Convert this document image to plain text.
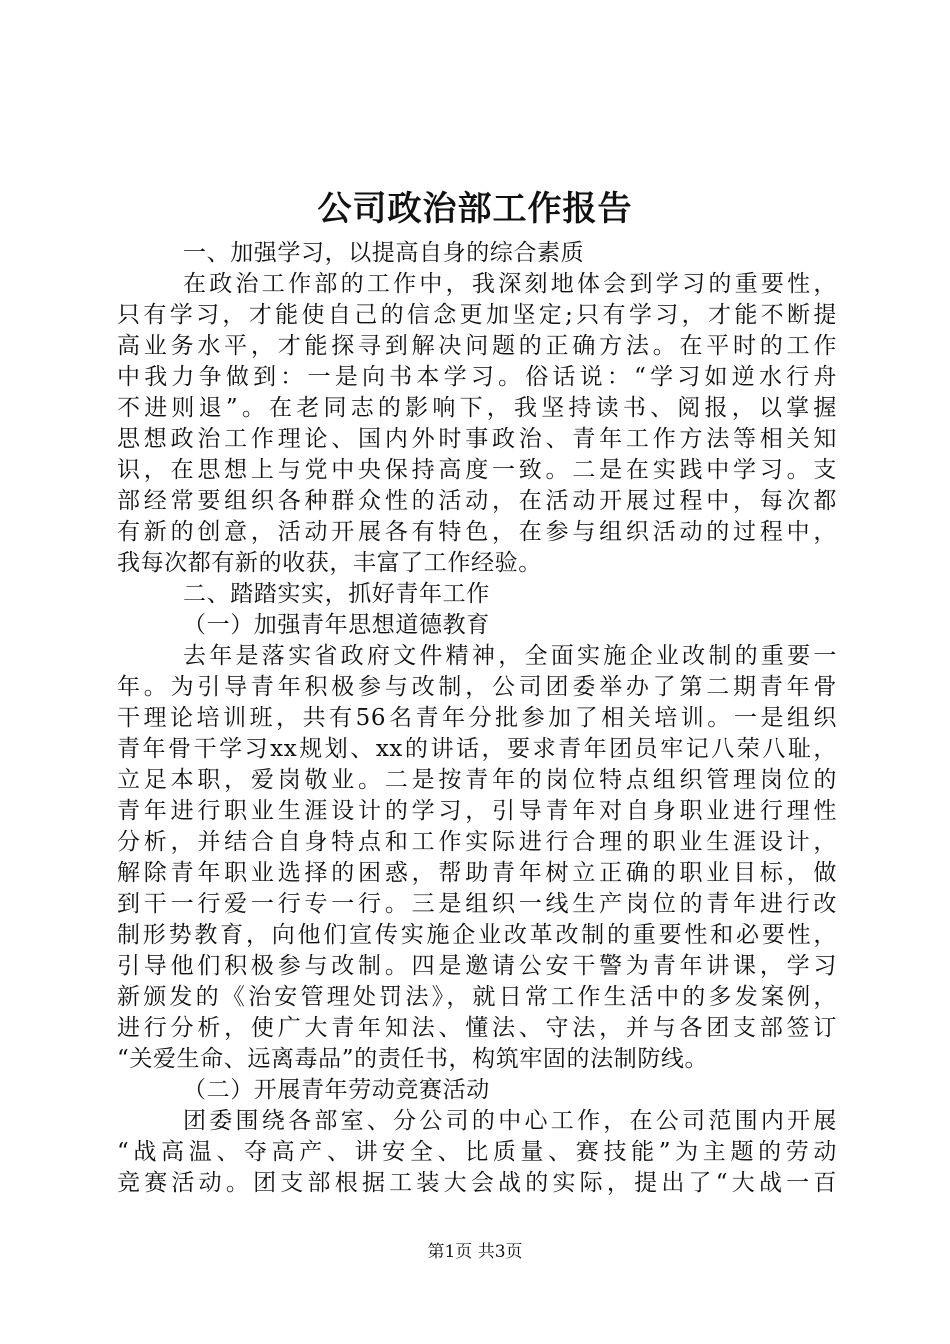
公司政治部工作报告
一、加强学习，以提高自身的综合素质
在政治工作部的工作中，我深刻地体会到学习的重要性，
只有学习，才能使自己的信念更加坚定;只有学习，才能不断提
高业务水平，才能探寻到解决问题的正确方法。在平时的工作
中我力争做到：一是向书本学习。俗话说：“学习如逆水行舟
不进则退”。在老同志的影响下，我坚持读书、阅报，以掌握
思想政治工作理论、国内外时事政治、青年工作方法等相关知
识，在思想上与党中央保持高度一致。二是在实践中学习。支
部经常要组织各种群众性的活动，在活动开展过程中，每次都
有新的创意，活动开展各有特色，在参与组织活动的过程中，
我每次都有新的收获，丰富了工作经验。
二、踏踏实实，抓好青年工作
（一）加强青年思想道德教育
去年是落实省政府文件精神，全面实施企业改制的重要一
年。为引导青年积极参与改制，公司团委举办了第二期青年骨
干理论培训班，共有56名青年分批参加了相关培训。一是组织
青年骨干学习xx规划、xx的讲话，要求青年团员牢记八荣八耻，
立足本职，爱岗敬业。二是按青年的岗位特点组织管理岗位的
青年进行职业生涯设计的学习，引导青年对自身职业进行理性
分析，并结合自身特点和工作实际进行合理的职业生涯设计，
解除青年职业选择的困惑，帮助青年树立正确的职业目标，做
到干一行爱一行专一行。三是组织一线生产岗位的青年进行改
制形势教育，向他们宣传实施企业改革改制的重要性和必要性，
引导他们积极参与改制。四是邀请公安干警为青年讲课，学习
新颁发的《治安管理处罚法》，就日常工作生活中的多发案例，
进行分析，使广大青年知法、懂法、守法，并与各团支部签订
“关爱生命、远离毒品”的责任书，构筑牢固的法制防线。
（二）开展青年劳动竞赛活动
团委围绕各部室、分公司的中心工作，在公司范围内开展
“战高温、夺高产、讲安全、比质量、赛技能”为主题的劳动
竞赛活动。团支部根据工装大会战的实际，提出了“大战一百
第1页 共3页
